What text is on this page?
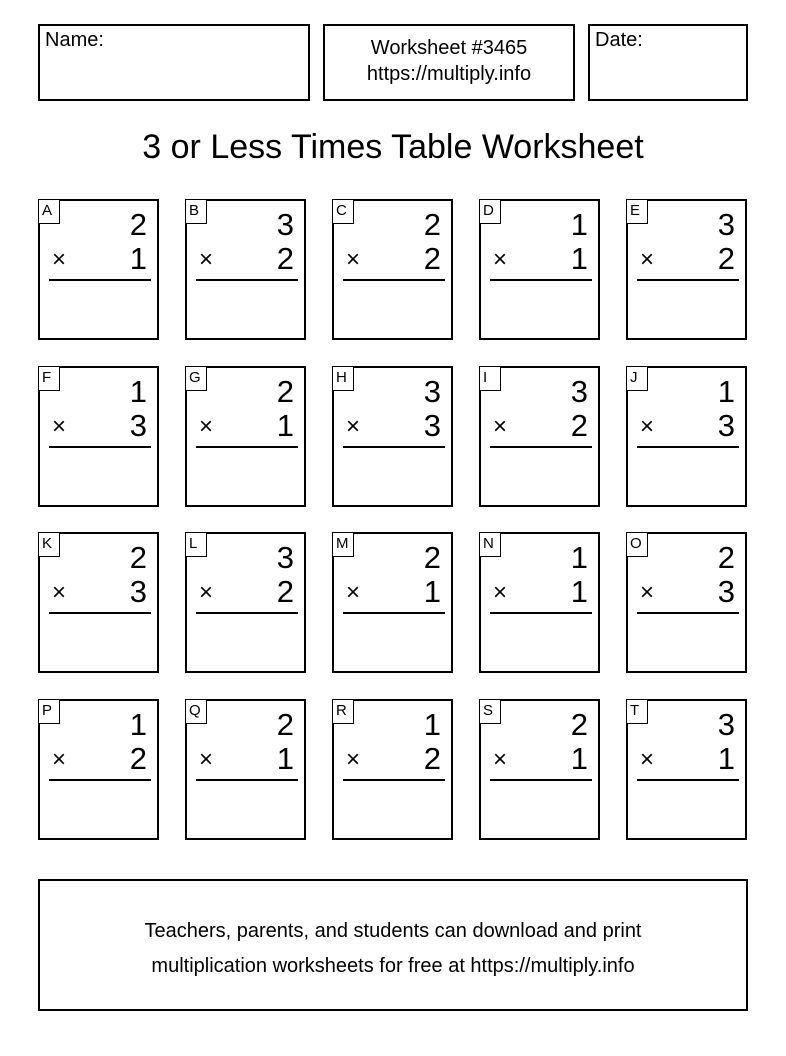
Name:	Worksheet #3465
https://multiply.info
Date:
3 or Less Times Table Worksheet
A	2
× 1
B	3
× 2
C 2
× 2
D 1
× 1
E	3
× 2
F	1
× 3
G 2
× 1
H 3
× 3
I	3
× 2
J	1
× 3
K	2
× 3
L	3
× 2
M 2
× 1
N 1
× 1
O 2
× 3
P	1
× 2
Q 2
× 1
R 1
× 2
S	2
× 1
T	3
× 1
Teachers, parents, and students can download and print
multiplication worksheets for free at https://multiply.info
